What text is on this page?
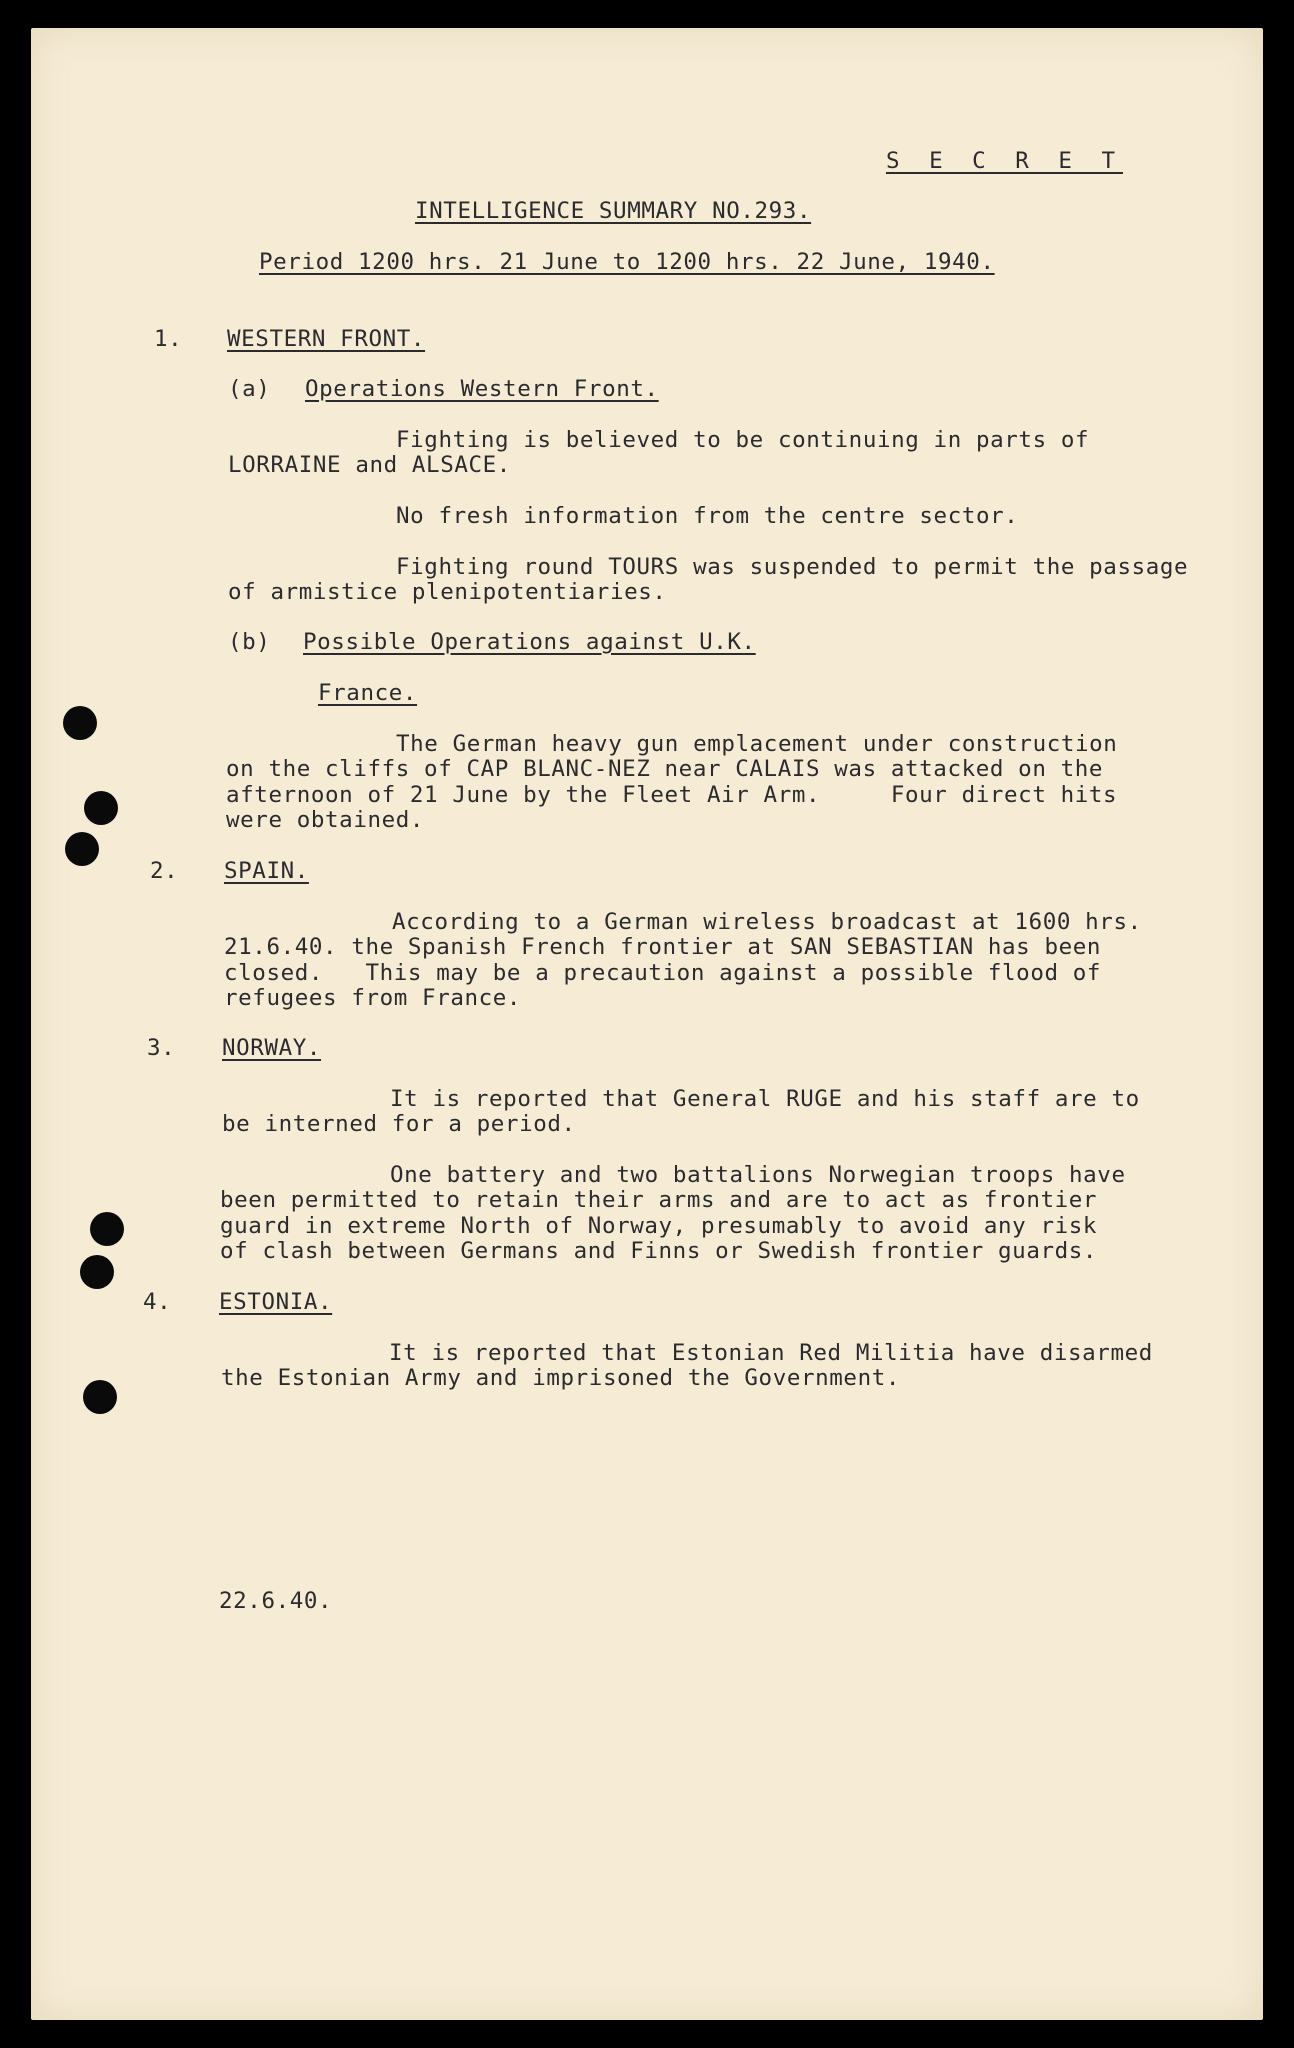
S E C R E T

INTELLIGENCE SUMMARY NO.293.

Period 1200 hrs. 21 June to 1200 hrs. 22 June, 1940.

1. WESTERN FRONT.

(a) Operations Western Front.

Fighting is believed to be continuing in parts of

LORRAINE and ALSACE.

No fresh information from the centre sector.

Fighting round TOURS was suspended to permit the passage

of armistice plenipotentiaries.

(b) Possible Operations against U.K.

France.

The German heavy gun emplacement under construction

on the cliffs of CAP BLANC-NEZ near CALAIS was attacked on the
afternoon of 21 June by the Fleet Air Arm.     Four direct hits
were obtained.

2. SPAIN.

According to a German wireless broadcast at 1600 hrs.

21.6.40. the Spanish French frontier at SAN SEBASTIAN has been
closed.   This may be a precaution against a possible flood of
refugees from France.

3. NORWAY.

It is reported that General RUGE and his staff are to

be interned for a period.

One battery and two battalions Norwegian troops have

been permitted to retain their arms and are to act as frontier
guard in extreme North of Norway, presumably to avoid any risk
of clash between Germans and Finns or Swedish frontier guards.

4. ESTONIA.

It is reported that Estonian Red Militia have disarmed

the Estonian Army and imprisoned the Government.

22.6.40.
